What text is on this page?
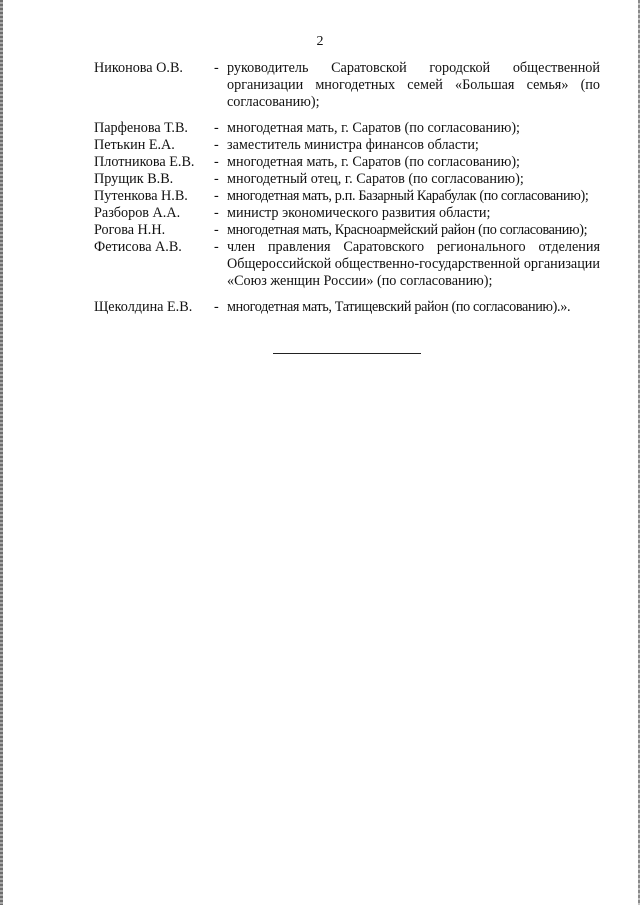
2
Никонова О.В.	- руководитель Саратовской городской общественной организации многодетных семей «Большая семья» (по согласованию);
Парфенова Т.В.	- многодетная мать, г. Саратов (по согласованию);
Петькин Е.А.	- заместитель министра финансов области;
Плотникова Е.В.	- многодетная мать, г. Саратов (по согласованию);
Прущик В.В.	- многодетный отец, г. Саратов (по согласованию);
Путенкова Н.В.	- многодетная мать, р.п. Базарный Карабулак (по согласованию);
Разборов А.А.	- министр экономического развития области;
Рогова Н.Н.	- многодетная мать, Красноармейский район (по согласованию);
Фетисова А.В.	- член правления Саратовского регионального отделения Общероссийской общественно-государственной организации «Союз женщин России» (по согласованию);
Щеколдина Е.В.	- многодетная мать, Татищевский район (по согласованию).».
